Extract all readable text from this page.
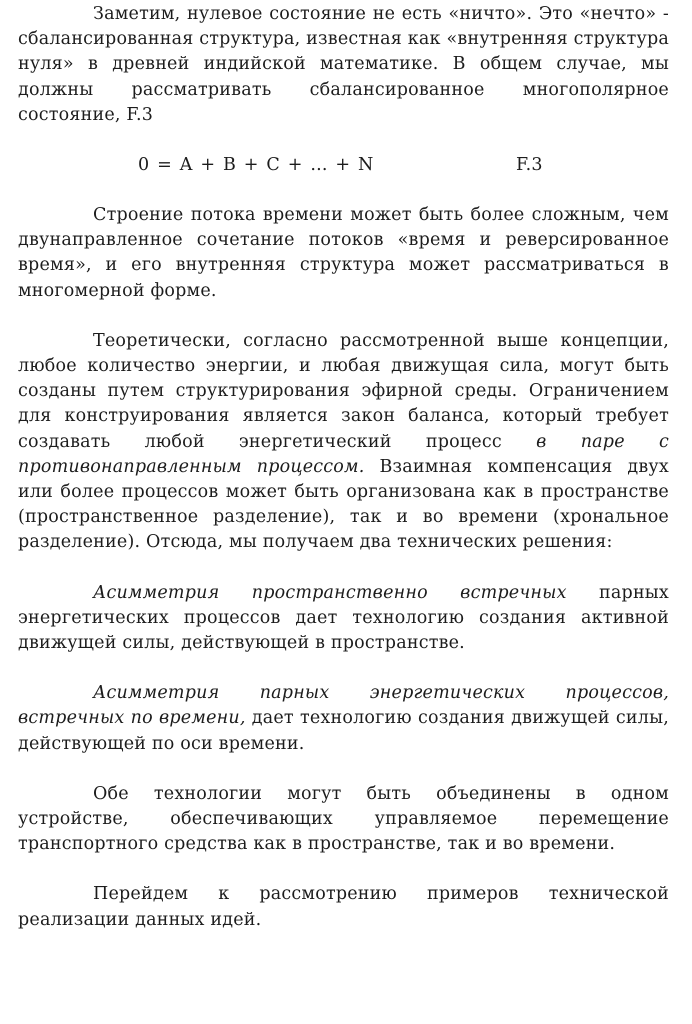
Заметим, нулевое состояние не есть «ничто». Это «нечто» - сбалансированная структура, известная как «внутренняя структура нуля» в древней индийской математике. В общем случае, мы должны рассматривать сбалансированное многополярное состояние, F.3

0 = A + B + C + ... + N	F.3

Строение потока времени может быть более сложным, чем двунаправленное сочетание потоков «время и реверсированное время», и его внутренняя структура может рассматриваться в многомерной форме.

Теоретически, согласно рассмотренной выше концепции, любое количество энергии, и любая движущая сила, могут быть созданы путем структурирования эфирной среды. Ограничением для конструирования является закон баланса, который требует создавать любой энергетический процесс в паре с противонаправленным процессом. Взаимная компенсация двух или более процессов может быть организована как в пространстве (пространственное разделение), так и во времени (хрональное разделение). Отсюда, мы получаем два технических решения:

Асимметрия пространственно встречных парных энергетических процессов дает технологию создания активной движущей силы, действующей в пространстве.

Асимметрия парных энергетических процессов, встречных по времени, дает технологию создания движущей силы, действующей по оси времени.

Обе технологии могут быть объединены в одном устройстве, обеспечивающих управляемое перемещение транспортного средства как в пространстве, так и во времени.

Перейдем к рассмотрению примеров технической реализации данных идей.
